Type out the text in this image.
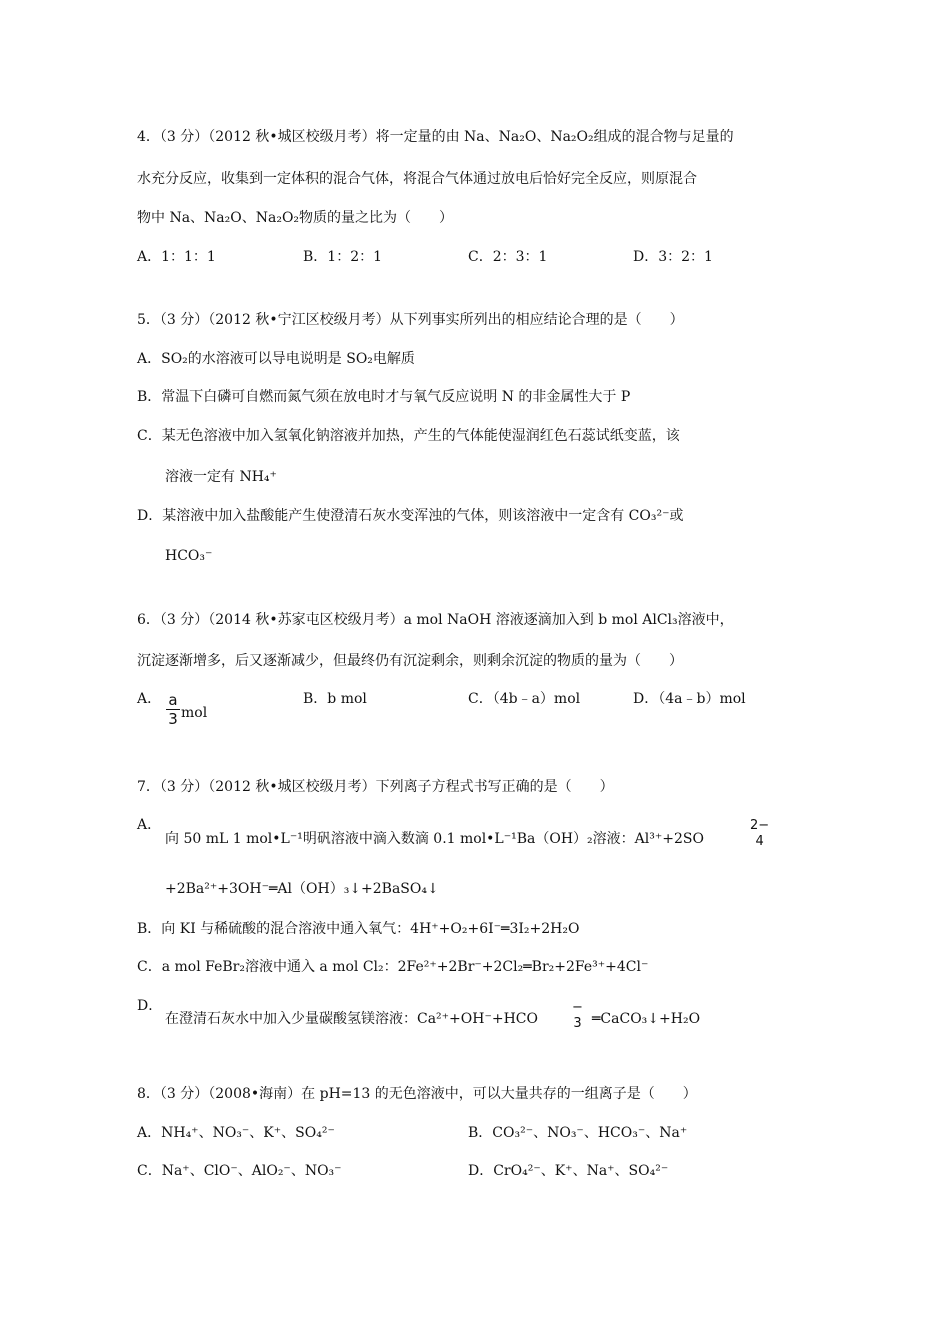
4．（3 分）（2012 秋•城区校级月考）将一定量的由 Na、Na₂O、Na₂O₂组成的混合物与足量的
水充分反应，收集到一定体积的混合气体，将混合气体通过放电后恰好完全反应，则原混合
物中 Na、Na₂O、Na₂O₂物质的量之比为（　　）
A．1：1：1	B．1：2：1	C．2：3：1	D．3：2：1
5．（3 分）（2012 秋•宁江区校级月考）从下列事实所列出的相应结论合理的是（　　）
A．SO₂的水溶液可以导电说明是 SO₂电解质
B．常温下白磷可自燃而氮气须在放电时才与氧气反应说明 N 的非金属性大于 P
C．某无色溶液中加入氢氧化钠溶液并加热，产生的气体能使湿润红色石蕊试纸变蓝，该
溶液一定有 NH₄⁺
D．某溶液中加入盐酸能产生使澄清石灰水变浑浊的气体，则该溶液中一定含有 CO₃²⁻或
HCO₃⁻
6．（3 分）（2014 秋•苏家屯区校级月考）a mol NaOH 溶液逐滴加入到 b mol AlCl₃溶液中，
沉淀逐渐增多，后又逐渐减少，但最终仍有沉淀剩余，则剩余沉淀的物质的量为（　　）
A． a
3 mol
B．b mol	C．（4b﹣a）mol	D．（4a﹣b）mol
7．（3 分）（2012 秋•城区校级月考）下列离子方程式书写正确的是（　　）
A．
向 50 mL 1 mol•L⁻¹明矾溶液中滴入数滴 0.1 mol•L⁻¹Ba（OH）₂溶液：Al³⁺+2SO
2−
4
+2Ba²⁺+3OH⁻═Al（OH）₃↓+2BaSO₄↓
B．向 KI 与稀硫酸的混合溶液中通入氧气：4H⁺+O₂+6I⁻═3I₂+2H₂O
C．a mol FeBr₂溶液中通入 a mol Cl₂：2Fe²⁺+2Br⁻+2Cl₂═Br₂+2Fe³⁺+4Cl⁻
D．
在澄清石灰水中加入少量碳酸氢镁溶液：Ca²⁺+OH⁻+HCO
−
3 ═CaCO₃↓+H₂O
8．（3 分）（2008•海南）在 pH=13 的无色溶液中，可以大量共存的一组离子是（　　）
A．NH₄⁺、NO₃⁻、K⁺、SO₄²⁻	B．CO₃²⁻、NO₃⁻、HCO₃⁻、Na⁺
C．Na⁺、ClO⁻、AlO₂⁻、NO₃⁻	D．CrO₄²⁻、K⁺、Na⁺、SO₄²⁻
